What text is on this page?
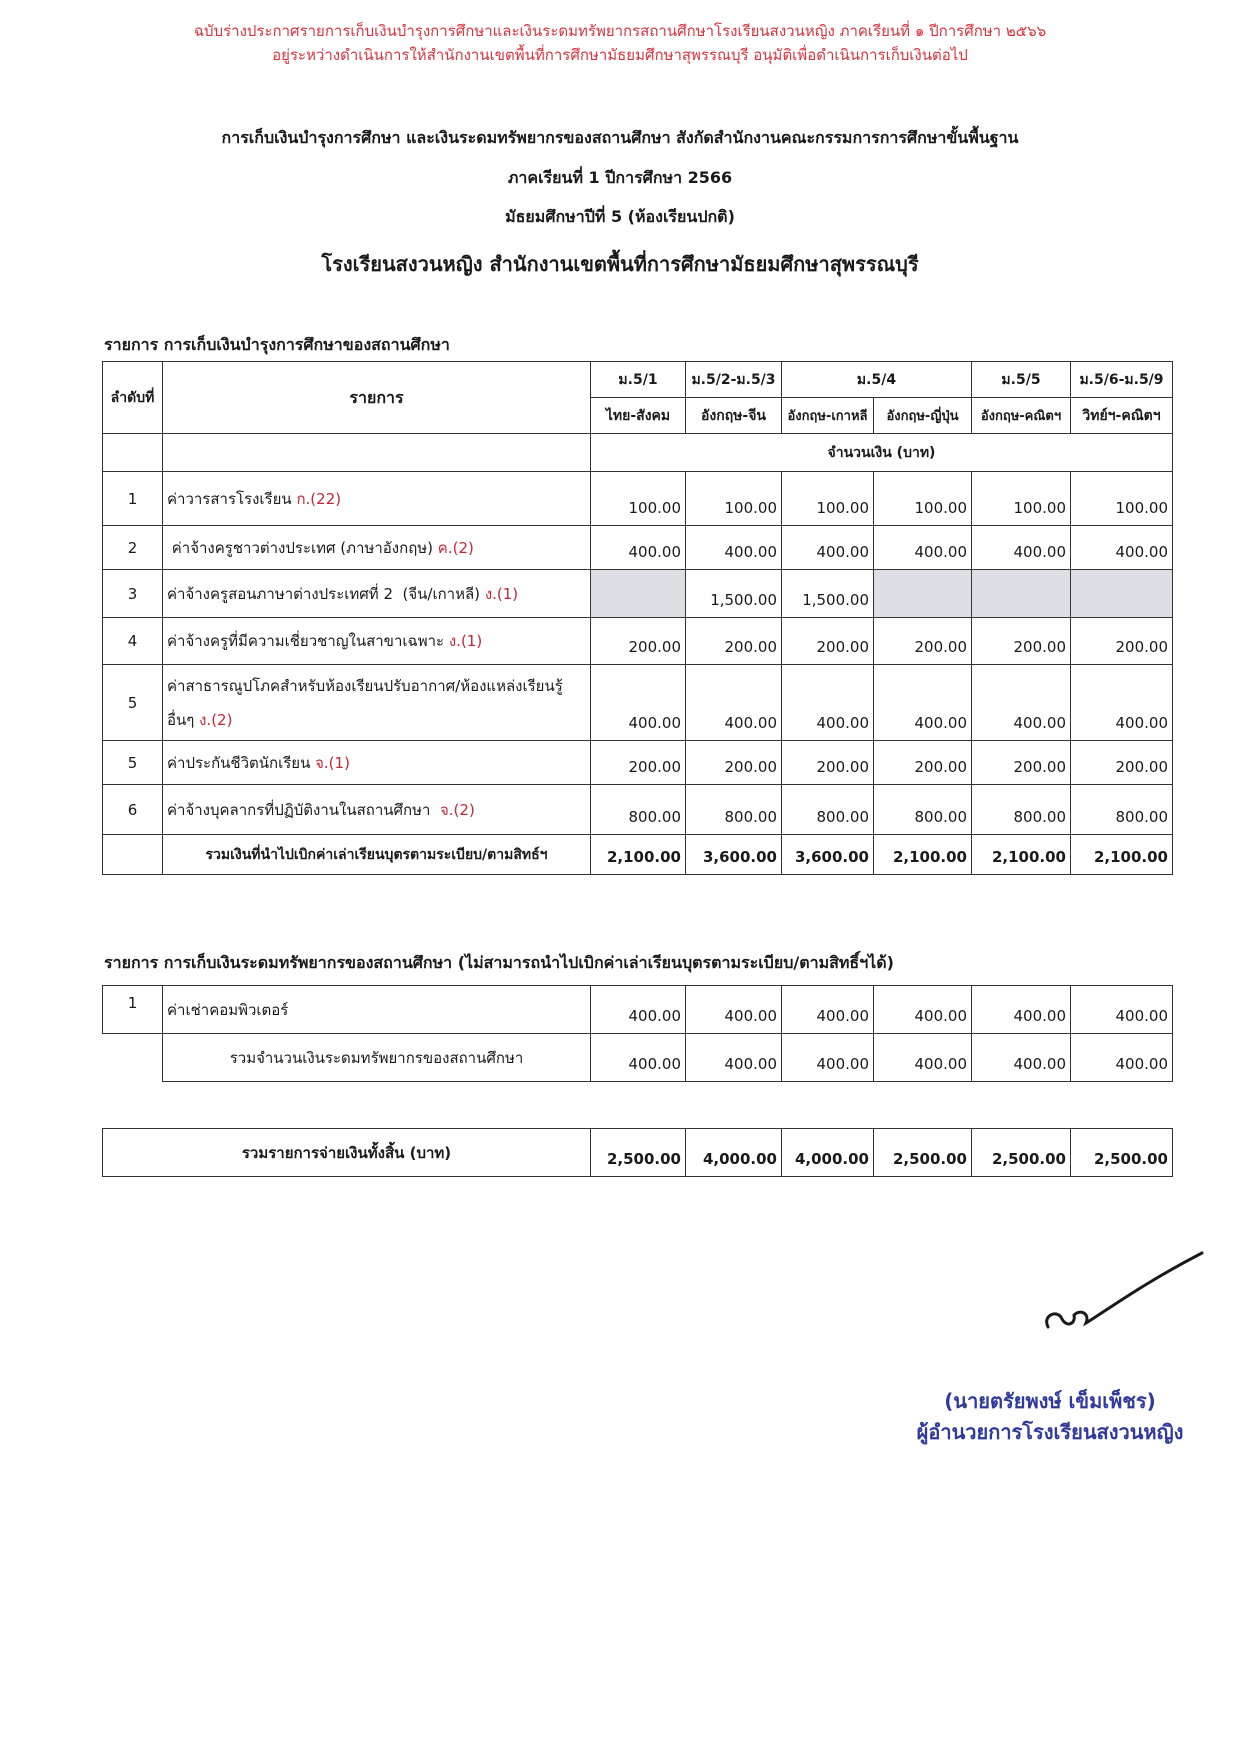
ฉบับร่างประกาศรายการเก็บเงินบำรุงการศึกษาและเงินระดมทรัพยากรสถานศึกษาโรงเรียนสงวนหญิง ภาคเรียนที่ ๑ ปีการศึกษา ๒๕๖๖
อยู่ระหว่างดำเนินการให้สำนักงานเขตพื้นที่การศึกษามัธยมศึกษาสุพรรณบุรี อนุมัติเพื่อดำเนินการเก็บเงินต่อไป
การเก็บเงินบำรุงการศึกษา และเงินระดมทรัพยากรของสถานศึกษา สังกัดสำนักงานคณะกรรมการการศึกษาขั้นพื้นฐาน
ภาคเรียนที่ 1 ปีการศึกษา 2566
มัธยมศึกษาปีที่ 5 (ห้องเรียนปกติ)
โรงเรียนสงวนหญิง สำนักงานเขตพื้นที่การศึกษามัธยมศึกษาสุพรรณบุรี
รายการ การเก็บเงินบำรุงการศึกษาของสถานศึกษา
ลำดับที่	รายการ	ม.5/1	ม.5/2-ม.5/3	ม.5/4		ม.5/5	ม.5/6-ม.5/9
		ไทย-สังคม	อังกฤษ-จีน	อังกฤษ-เกาหลี	อังกฤษ-ญี่ปุ่น	อังกฤษ-คณิตฯ	วิทย์ฯ-คณิตฯ
		จำนวนเงิน (บาท)					
1	ค่าวารสารโรงเรียน ก.(22)	100.00	100.00	100.00	100.00	100.00	100.00
2	ค่าจ้างครูชาวต่างประเทศ (ภาษาอังกฤษ) ค.(2)	400.00	400.00	400.00	400.00	400.00	400.00
3	ค่าจ้างครูสอนภาษาต่างประเทศที่ 2  (จีน/เกาหลี) ง.(1)		1,500.00	1,500.00			
4	ค่าจ้างครูที่มีความเชี่ยวชาญในสาขาเฉพาะ ง.(1)	200.00	200.00	200.00	200.00	200.00	200.00
5	ค่าสาธารณูปโภคสำหรับห้องเรียนปรับอากาศ/ห้องแหล่งเรียนรู้
อื่นๆ ง.(2)	400.00	400.00	400.00	400.00	400.00	400.00
5	ค่าประกันชีวิตนักเรียน จ.(1)	200.00	200.00	200.00	200.00	200.00	200.00
6	ค่าจ้างบุคลากรที่ปฏิบัติงานในสถานศึกษา  จ.(2)	800.00	800.00	800.00	800.00	800.00	800.00
	รวมเงินที่นำไปเบิกค่าเล่าเรียนบุตรตามระเบียบ/ตามสิทธ์ฯ	2,100.00	3,600.00	3,600.00	2,100.00	2,100.00	2,100.00
รายการ การเก็บเงินระดมทรัพยากรของสถานศึกษา (ไม่สามารถนำไปเบิกค่าเล่าเรียนบุตรตามระเบียบ/ตามสิทธิ์ฯได้)
1	ค่าเช่าคอมพิวเตอร์	400.00	400.00	400.00	400.00	400.00	400.00
	รวมจำนวนเงินระดมทรัพยากรของสถานศึกษา	400.00	400.00	400.00	400.00	400.00	400.00
รวมรายการจ่ายเงินทั้งสิ้น (บาท)	2,500.00	4,000.00	4,000.00	2,500.00	2,500.00	2,500.00
(นายตรัยพงษ์ เข็มเพ็ชร)
ผู้อำนวยการโรงเรียนสงวนหญิง
